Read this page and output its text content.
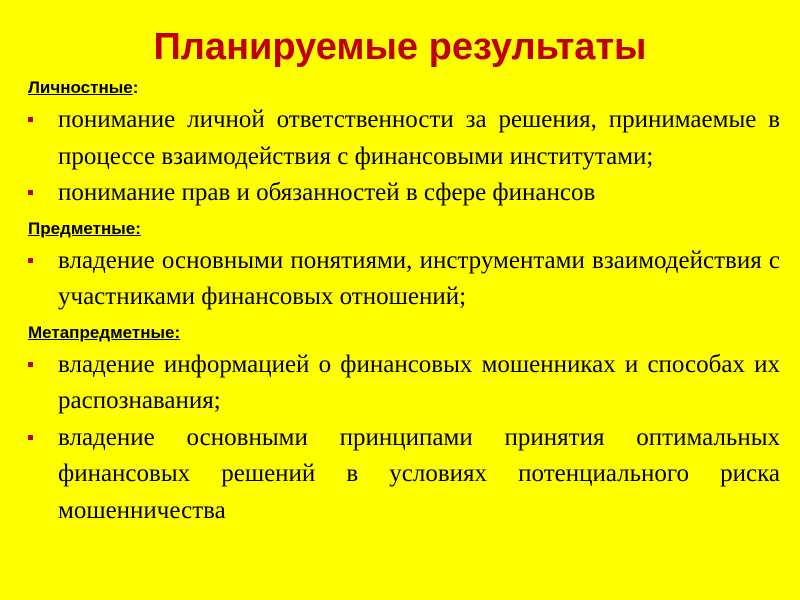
Планируемые результаты

Личностные:

понимание личной ответственности за решения, принимаемые в процессе взаимодействия с финансовыми институтами;
понимание прав и обязанностей в сфере финансов

Предметные:

владение основными понятиями, инструментами взаимодействия с участниками финансовых отношений;

Метапредметные:

владение информацией о финансовых мошенниках и способах их распознавания;
владение основными принципами принятия оптимальных финансовых решений в условиях потенциального риска мошенничества
